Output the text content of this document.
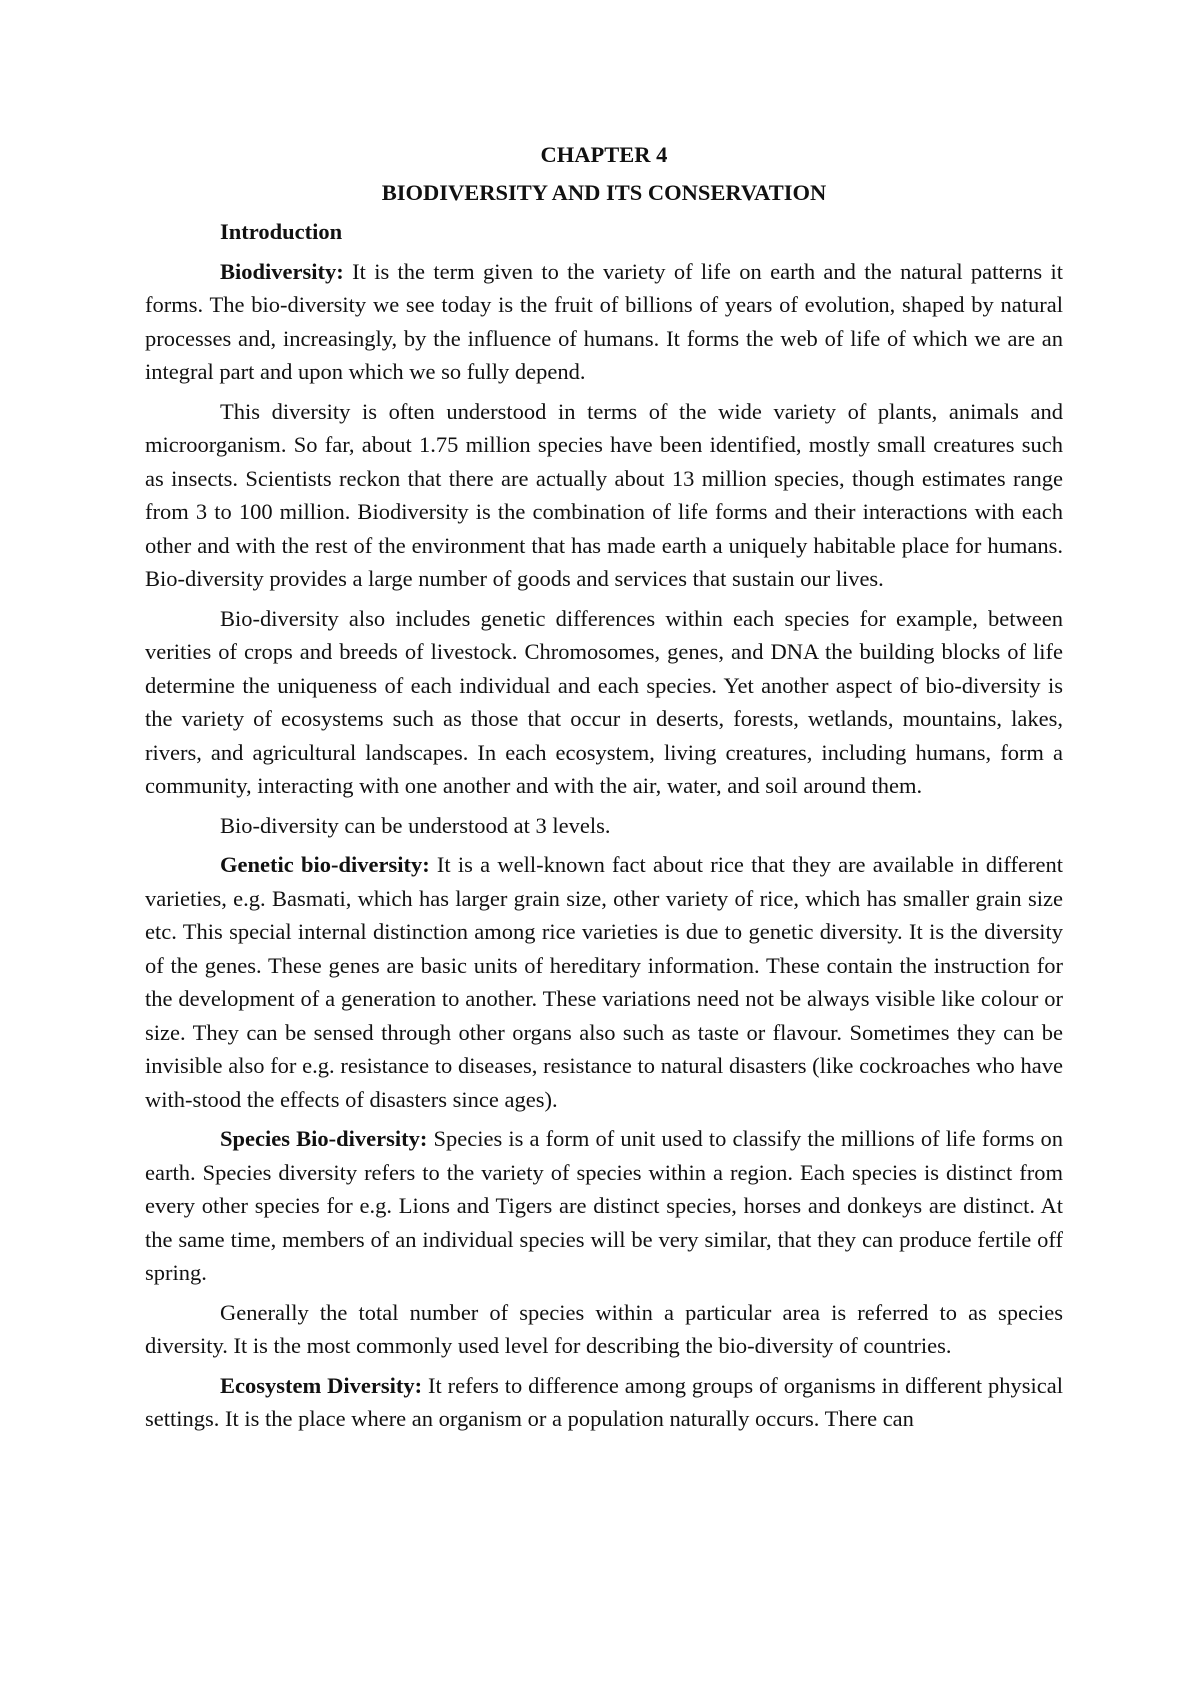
CHAPTER 4

BIODIVERSITY AND ITS CONSERVATION

Introduction

Biodiversity: It is the term given to the variety of life on earth and the natural patterns it forms. The bio-diversity we see today is the fruit of billions of years of evolution, shaped by natural processes and, increasingly, by the influence of humans. It forms the web of life of which we are an integral part and upon which we so fully depend.

This diversity is often understood in terms of the wide variety of plants, animals and microorganism. So far, about 1.75 million species have been identified, mostly small creatures such as insects. Scientists reckon that there are actually about 13 million species, though estimates range from 3 to 100 million. Biodiversity is the combination of life forms and their interactions with each other and with the rest of the environment that has made earth a uniquely habitable place for humans. Bio-diversity provides a large number of goods and services that sustain our lives.

Bio-diversity also includes genetic differences within each species for example, between verities of crops and breeds of livestock. Chromosomes, genes, and DNA the building blocks of life determine the uniqueness of each individual and each species. Yet another aspect of bio-diversity is the variety of ecosystems such as those that occur in deserts, forests, wetlands, mountains, lakes, rivers, and agricultural landscapes. In each ecosystem, living creatures, including humans, form a community, interacting with one another and with the air, water, and soil around them.

Bio-diversity can be understood at 3 levels.

Genetic bio-diversity: It is a well-known fact about rice that they are available in different varieties, e.g. Basmati, which has larger grain size, other variety of rice, which has smaller grain size etc. This special internal distinction among rice varieties is due to genetic diversity. It is the diversity of the genes. These genes are basic units of hereditary information. These contain the instruction for the development of a generation to another. These variations need not be always visible like colour or size. They can be sensed through other organs also such as taste or flavour. Sometimes they can be invisible also for e.g. resistance to diseases, resistance to natural disasters (like cockroaches who have with-stood the effects of disasters since ages).

Species Bio-diversity: Species is a form of unit used to classify the millions of life forms on earth. Species diversity refers to the variety of species within a region. Each species is distinct from every other species for e.g. Lions and Tigers are distinct species, horses and donkeys are distinct. At the same time, members of an individual species will be very similar, that they can produce fertile off spring.

Generally the total number of species within a particular area is referred to as species diversity. It is the most commonly used level for describing the bio-diversity of countries.

Ecosystem Diversity: It refers to difference among groups of organisms in different physical settings. It is the place where an organism or a population naturally occurs. There can
